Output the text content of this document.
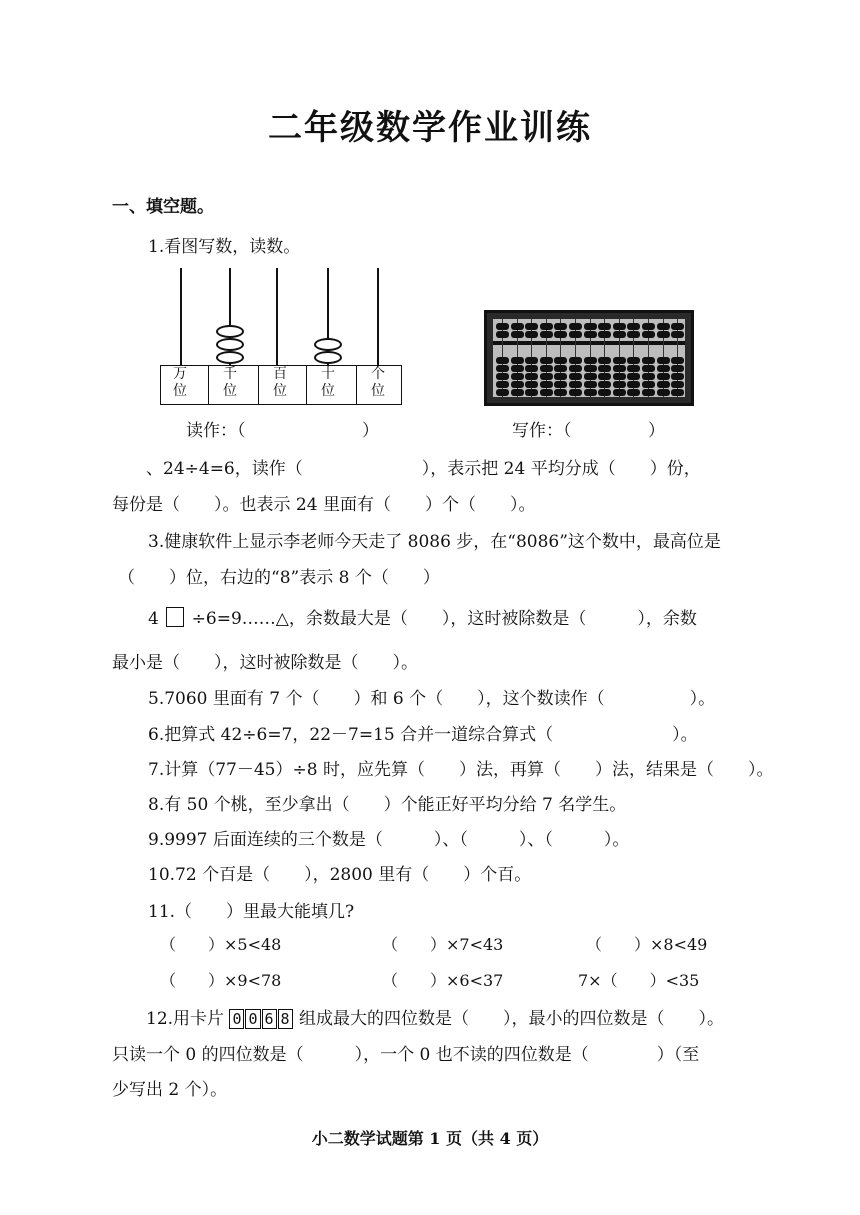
二年级数学作业训练
一、填空题。
1.看图写数，读数。
万
位
千
位
百
位
十
位
个
位
读作：（	）	写作：（	）
、24÷4=6，读作（　　　　　　　），表示把 24 平均分成（　　）份，
每份是（　　）。也表示 24 里面有（　　）个（　　）。
3.健康软件上显示李老师今天走了 8086 步，在“8086”这个数中，最高位是
（　　）位，右边的“8”表示 8 个（　　）
4 ÷6=9……△，余数最大是（　　），这时被除数是（　　　），余数
最小是（　　），这时被除数是（　　）。
5.7060 里面有 7 个（　　）和 6 个（　　），这个数读作（　　　　　）。
6.把算式 42÷6=7，22－7=15 合并一道综合算式（　　　　　　　）。
7.计算（77－45）÷8 时，应先算（　　）法，再算（　　）法，结果是（　　）。
8.有 50 个桃，至少拿出（　　）个能正好平均分给 7 名学生。
9.9997 后面连续的三个数是（　　　）、（　　　）、（　　　）。
10.72 个百是（　　），2800 里有（　　）个百。
11.（　　）里最大能填几?
（　　）×5<48	（　　）×7<43	（　　）×8<49
（　　）×9<78	（　　）×6<37	7×（　　）<35
12.用卡片 0 0 6 8 组成最大的四位数是（　　），最小的四位数是（　　）。
只读一个 0 的四位数是（　　　），一个 0 也不读的四位数是（　　　　）（至
少写出 2 个）。
小二数学试题第 1 页（共 4 页）
